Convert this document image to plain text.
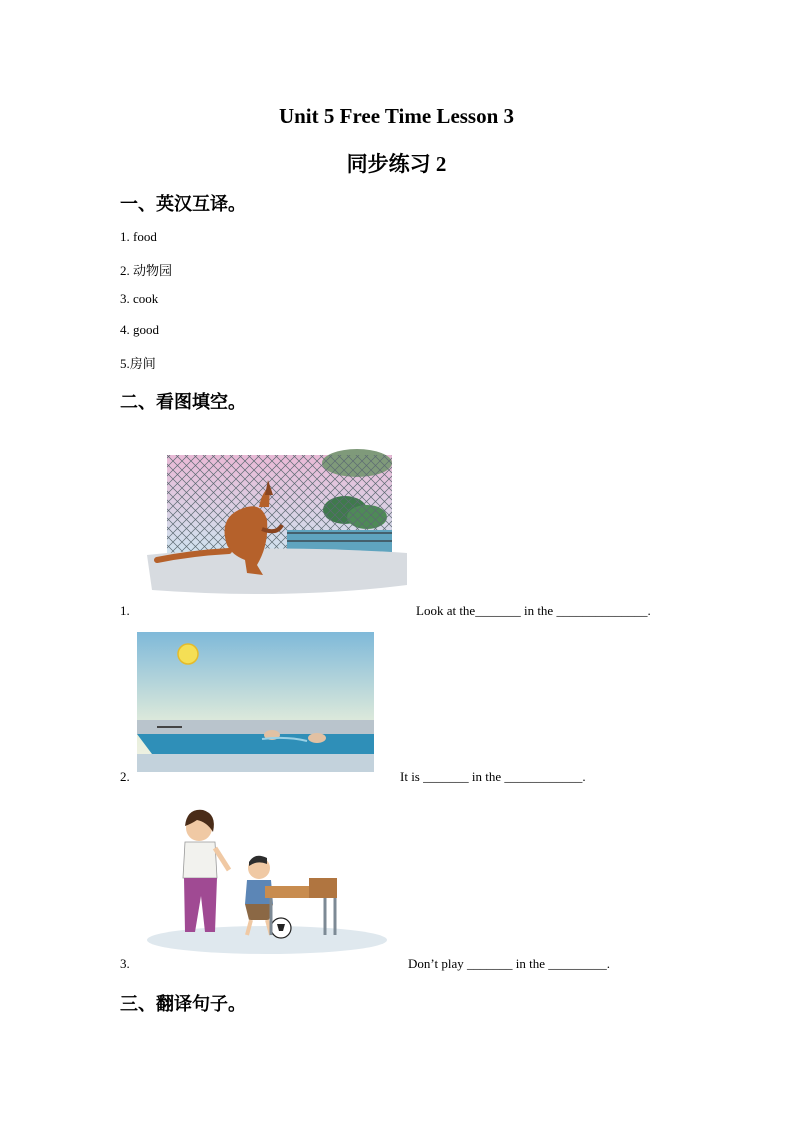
Unit 5 Free Time Lesson 3
同步练习 2
一、英汉互译。
1. food
2. 动物园
3. cook
4. good
5.房间
二、看图填空。
1.	Look at the_______ in the ______________.
2.	It is _______ in the ____________.
3.	Don’t play _______ in the _________.
三、翻译句子。
